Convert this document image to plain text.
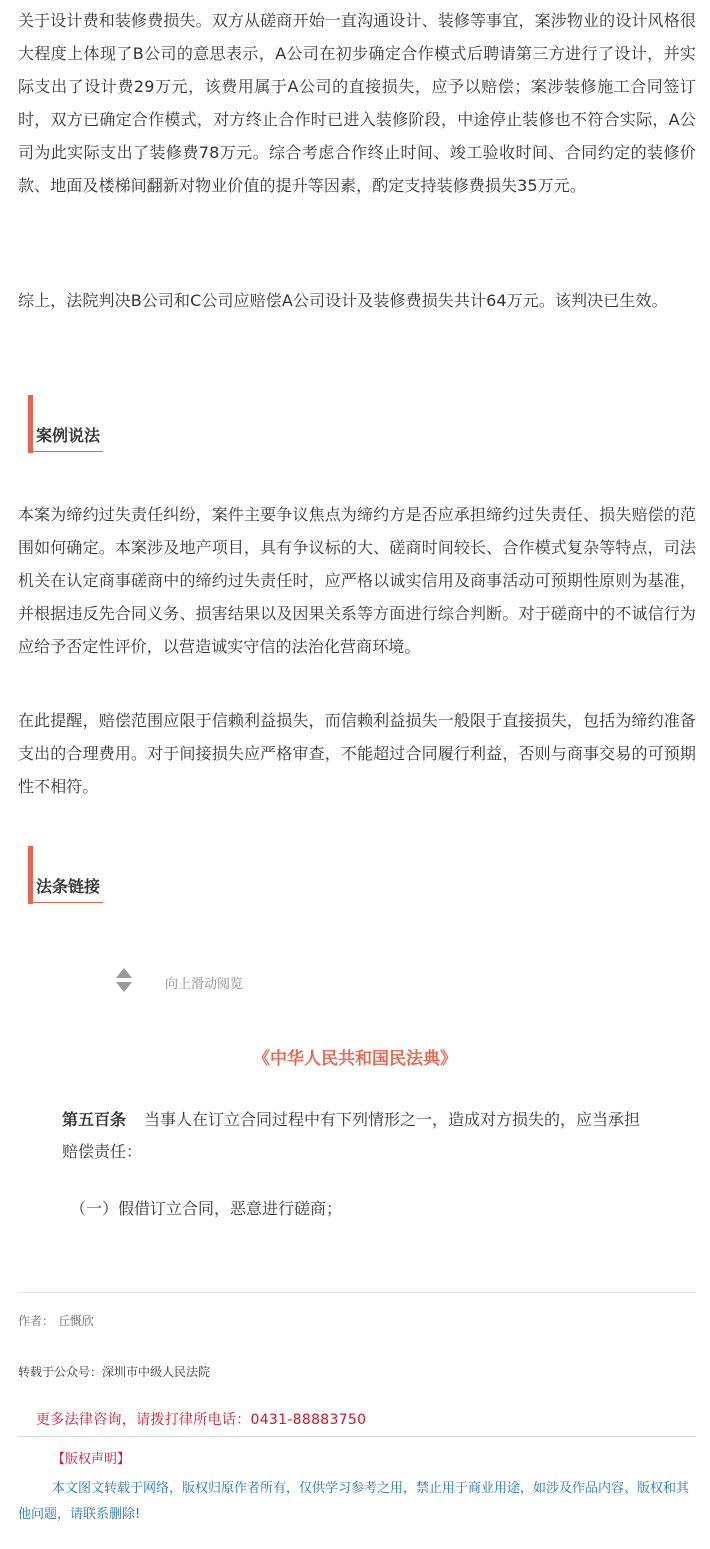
关于设计费和装修费损失。双方从磋商开始一直沟通设计、装修等事宜，案涉物业的设计风格很大程度上体现了B公司的意思表示，A公司在初步确定合作模式后聘请第三方进行了设计，并实际支出了设计费29万元，该费用属于A公司的直接损失，应予以赔偿；案涉装修施工合同签订时，双方已确定合作模式，对方终止合作时已进入装修阶段，中途停止装修也不符合实际，A公司为此实际支出了装修费78万元。综合考虑合作终止时间、竣工验收时间、合同约定的装修价款、地面及楼梯间翻新对物业价值的提升等因素，酌定支持装修费损失35万元。

综上，法院判决B公司和C公司应赔偿A公司设计及装修费损失共计64万元。该判决已生效。

案例说法

本案为缔约过失责任纠纷，案件主要争议焦点为缔约方是否应承担缔约过失责任、损失赔偿的范围如何确定。本案涉及地产项目，具有争议标的大、磋商时间较长、合作模式复杂等特点，司法机关在认定商事磋商中的缔约过失责任时，应严格以诚实信用及商事活动可预期性原则为基准，并根据违反先合同义务、损害结果以及因果关系等方面进行综合判断。对于磋商中的不诚信行为应给予否定性评价，以营造诚实守信的法治化营商环境。

在此提醒，赔偿范围应限于信赖利益损失，而信赖利益损失一般限于直接损失，包括为缔约准备支出的合理费用。对于间接损失应严格审查，不能超过合同履行利益，否则与商事交易的可预期性不相符。

法条链接
向上滑动阅览
《中华人民共和国民法典》
第五百条 当事人在订立合同过程中有下列情形之一，造成对方损失的，应当承担赔偿责任：
（一）假借订立合同，恶意进行磋商；
作者： 丘慨欣
转载于公众号：深圳市中级人民法院
更多法律咨询，请拨打律所电话：0431-88883750
【版权声明】

本文图文转载于网络，版权归原作者所有，仅供学习参考之用，禁止用于商业用途，如涉及作品内容、版权和其他问题，请联系删除!
